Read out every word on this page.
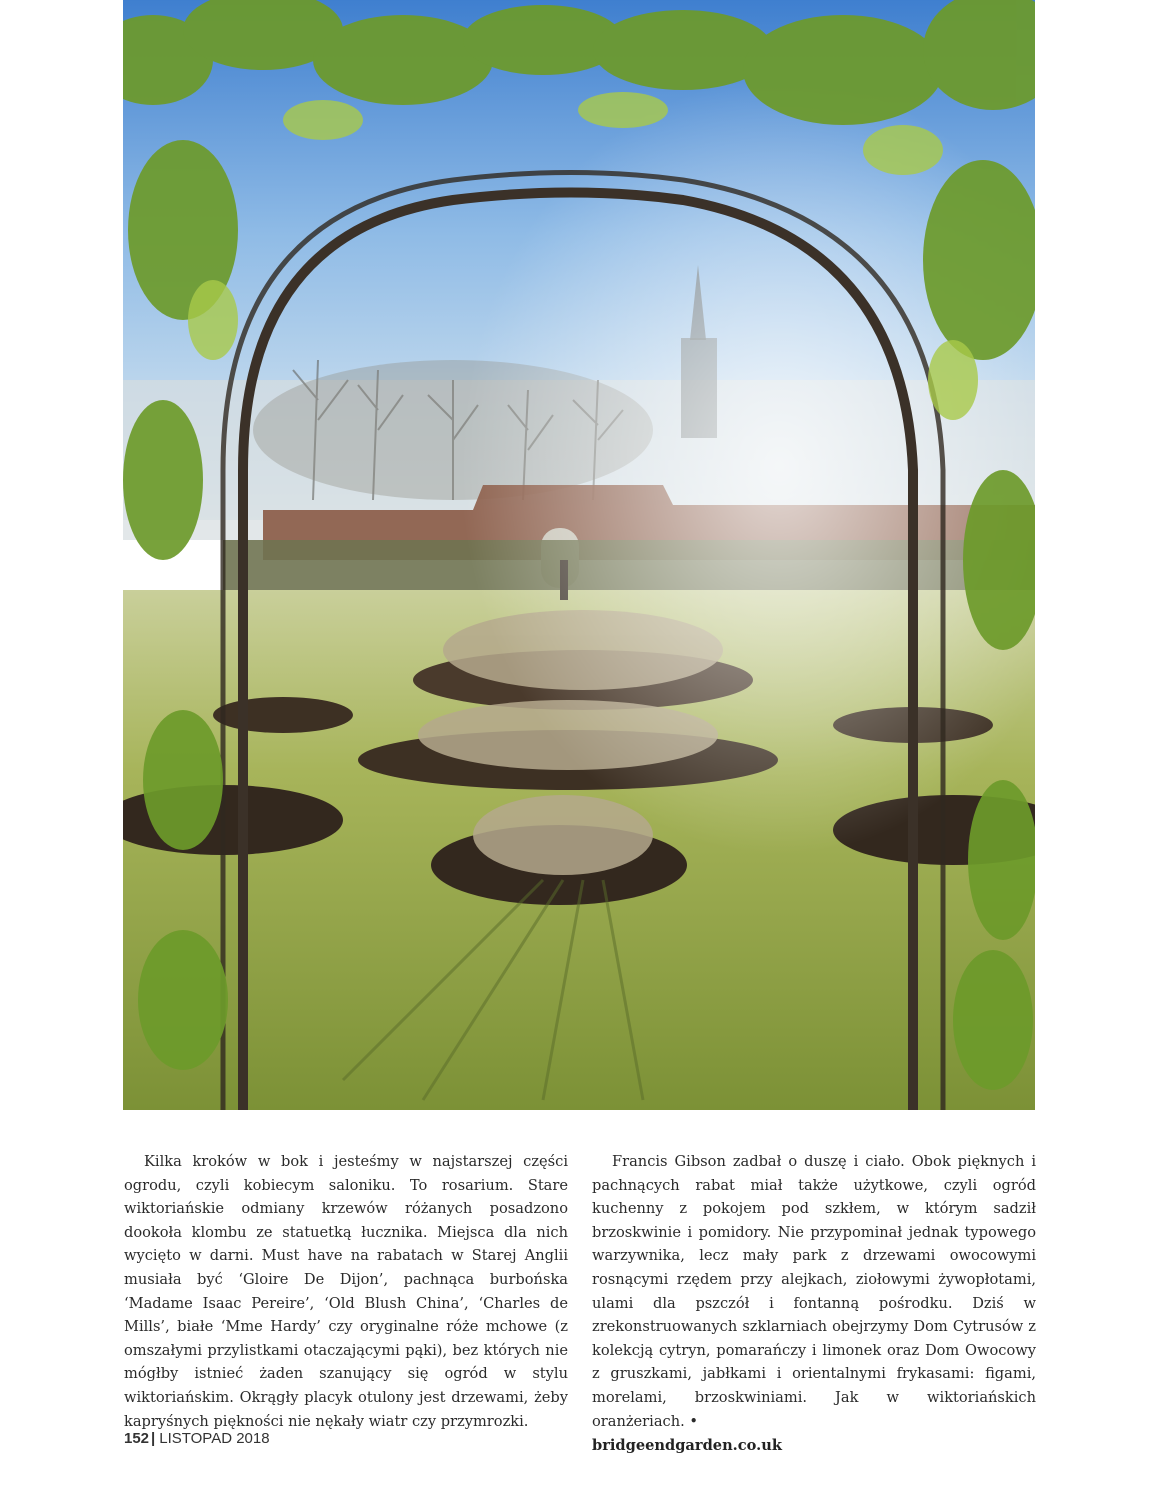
Kilka kroków w bok i jesteśmy w najstarszej części ogrodu, czyli kobiecym saloniku. To rosarium. Stare wiktoriańskie odmiany krzewów różanych posadzono dookoła klombu ze statuetką łucznika. Miejsca dla nich wycięto w darni. Must have na rabatach w Starej Anglii musiała być ‘Gloire De Dijon’, pachnąca burbońska ‘Madame Isaac Pereire’, ‘Old Blush China’, ‘Charles de Mills’, białe ‘Mme Hardy’ czy oryginalne róże mchowe (z omszałymi przylistkami otaczającymi pąki), bez których nie mógłby istnieć żaden szanujący się ogród w stylu wiktoriańskim. Okrągły placyk otulony jest drzewami, żeby kapryśnych piękności nie nękały wiatr czy przymrozki.

Francis Gibson zadbał o duszę i ciało. Obok pięknych i pachnących rabat miał także użytkowe, czyli ogród kuchenny z pokojem pod szkłem, w którym sadził brzoskwinie i pomidory. Nie przypominał jednak typowego warzywnika, lecz mały park z drzewami owocowymi rosnącymi rzędem przy alejkach, ziołowymi żywopłotami, ulami dla pszczół i fontanną pośrodku. Dziś w zrekonstruowanych szklarniach obejrzymy Dom Cytrusów z kolekcją cytryn, pomarańczy i limonek oraz Dom Owocowy z gruszkami, jabłkami i orientalnymi frykasami: figami, morelami, brzoskwiniami. Jak w wiktoriańskich oranżeriach. •

bridgeendgarden.co.uk
152 | LISTOPAD 2018
